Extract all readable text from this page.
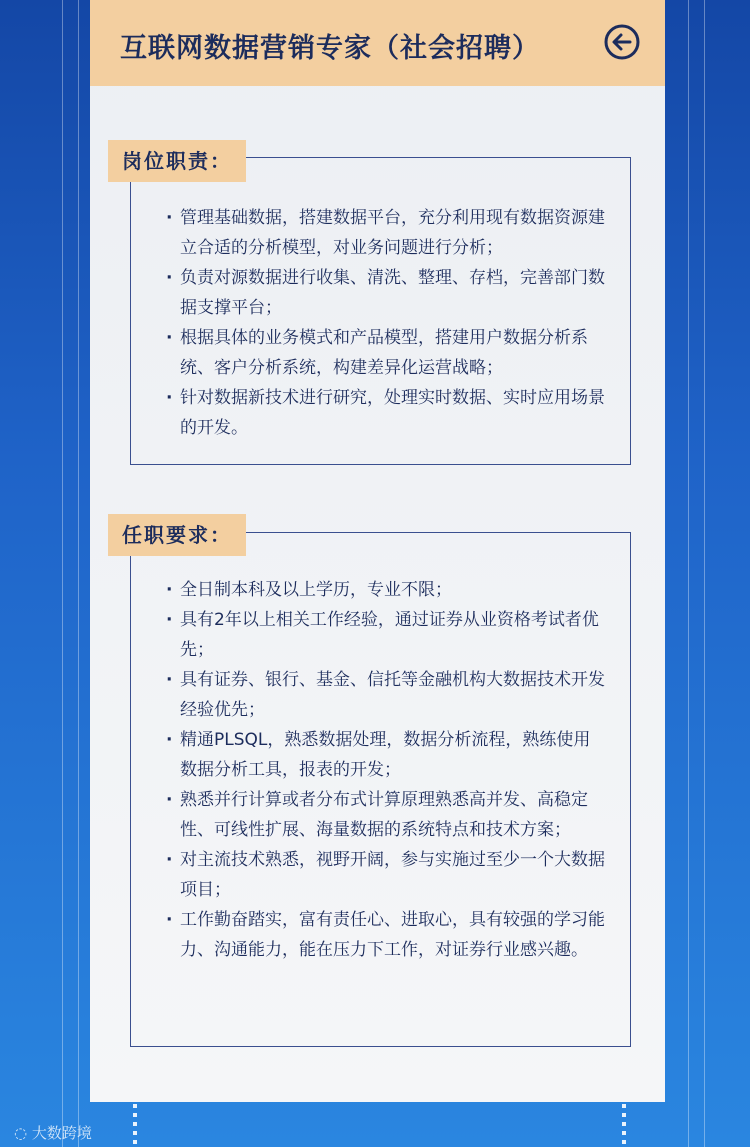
互联网数据营销专家（社会招聘）
岗位职责：
· 管理基础数据，搭建数据平台，充分利用现有数据资源建立合适的分析模型，对业务问题进行分析；
· 负责对源数据进行收集、清洗、整理、存档，完善部门数据支撑平台；
· 根据具体的业务模式和产品模型，搭建用户数据分析系统、客户分析系统，构建差异化运营战略；
· 针对数据新技术进行研究，处理实时数据、实时应用场景的开发。
任职要求：
· 全日制本科及以上学历，专业不限；
· 具有2年以上相关工作经验，通过证券从业资格考试者优先；
· 具有证券、银行、基金、信托等金融机构大数据技术开发经验优先；
· 精通PLSQL，熟悉数据处理，数据分析流程，熟练使用数据分析工具，报表的开发；
· 熟悉并行计算或者分布式计算原理熟悉高并发、高稳定性、可线性扩展、海量数据的系统特点和技术方案；
· 对主流技术熟悉，视野开阔，参与实施过至少一个大数据项目；
· 工作勤奋踏实，富有责任心、进取心，具有较强的学习能力、沟通能力，能在压力下工作，对证券行业感兴趣。
◌ 大数跨境
